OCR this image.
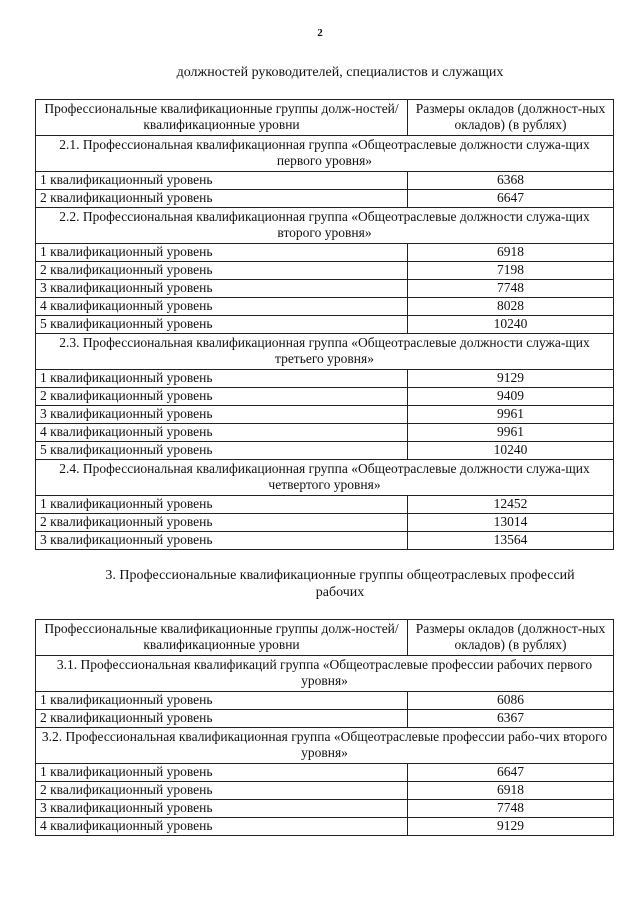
2
должностей руководителей, специалистов и служащих
Профессиональные квалификационные группы долж-ностей/квалификационные уровни	Размеры окладов (должност-ных окладов) (в рублях)
2.1. Профессиональная квалификационная группа «Общеотраслевые должности служа-щих первого уровня»	
1 квалификационный уровень	6368
2 квалификационный уровень	6647
2.2. Профессиональная квалификационная группа «Общеотраслевые должности служа-щих второго уровня»	
1 квалификационный уровень	6918
2 квалификационный уровень	7198
3 квалификационный уровень	7748
4 квалификационный уровень	8028
5 квалификационный уровень	10240
2.3. Профессиональная квалификационная группа «Общеотраслевые должности служа-щих третьего уровня»	
1 квалификационный уровень	9129
2 квалификационный уровень	9409
3 квалификационный уровень	9961
4 квалификационный уровень	9961
5 квалификационный уровень	10240
2.4. Профессиональная квалификационная группа «Общеотраслевые должности служа-щих четвертого уровня»	
1 квалификационный уровень	12452
2 квалификационный уровень	13014
3 квалификационный уровень	13564
3. Профессиональные квалификационные группы общеотраслевых профессий рабочих
Профессиональные квалификационные группы долж-ностей/квалификационные уровни	Размеры окладов (должност-ных окладов) (в рублях)
3.1. Профессиональная квалификаций группа «Общеотраслевые профессии рабочих первого уровня»	
1 квалификационный уровень	6086
2 квалификационный уровень	6367
3.2. Профессиональная квалификационная группа «Общеотраслевые профессии рабо-чих второго уровня»	
1 квалификационный уровень	6647
2 квалификационный уровень	6918
3 квалификационный уровень	7748
4 квалификационный уровень	9129
